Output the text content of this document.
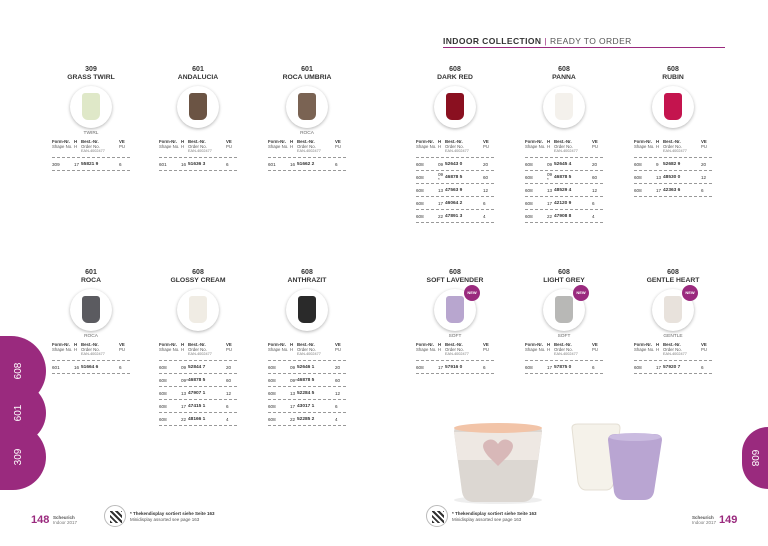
INDOOR COLLECTION | READY TO ORDER
309
GRASS TWIRL
TWIRL
Form-Nr. H Best.-Nr.	VE
Shape No. H Order No.	PU
EAN-4002477
309	17 55821 9	6
601
ANDALUCIA
Form-Nr. H Best.-Nr.	VE
Shape No. H Order No.	PU
EAN-4002477
601	16 51636 3	6
601
ROCA UMBRIA
ROCA
Form-Nr. H Best.-Nr.	VE
Shape No. H Order No.	PU
EAN-4002477
601	16 51662 2	6
608
DARK RED
Form-Nr. H Best.-Nr.	VE
Shape No. H Order No.	PU
EAN-4002477
608	09 52643 0	20
608	09 *	46878 5	60
608	13 47563 9	12
608	17 46064 2	6
608	22 47891 3	4
608
PANNA
Form-Nr. H Best.-Nr.	VE
Shape No. H Order No.	PU
EAN-4002477
608	09 52645 4	20
608	09 *	46878 5	60
608	13 48529 4	12
608	17 42120 9	6
608	22 47908 8	4
608
RUBIN
Form-Nr. H Best.-Nr.	VE
Shape No. H Order No.	PU
EAN-4002477
608	9 52682 9	20
608	13 48530 0	12
608	17 42363 6	6
601
ROCA
ROCA
Form-Nr. H Best.-Nr.	VE
Shape No. H Order No.	PU
EAN-4002477
601	16 51664 6	6
608
GLOSSY CREAM
Form-Nr. H Best.-Nr.	VE
Shape No. H Order No.	PU
EAN-4002477
608	09 52844 7	20
608	09* 46878 5	60
608	13 47907 1	12
608	17 47415 1	6
608	22 48166 1	4
608
ANTHRAZIT
Form-Nr. H Best.-Nr.	VE
Shape No. H Order No.	PU
EAN-4002477
608	09 52646 1	20
608	09* 46878 5	60
608	13 52284 5	12
608	17 43017 1	6
608	22 52285 2	4
608
SOFT LAVENDER
NEW
SOFT
Form-Nr. H Best.-Nr.	VE
Shape No. H Order No.	PU
EAN-4002477
608	17 57916 0	6
608
LIGHT GREY
NEW
SOFT
Form-Nr. H Best.-Nr.	VE
Shape No. H Order No.	PU
EAN-4002477
608	17 57875 0	6
608
GENTLE HEART
NEW
GENTLE
Form-Nr. H Best.-Nr.	VE
Shape No. H Order No.	PU
EAN-4002477
608	17 57920 7	6
608
601
309	608
148 Scheurich
Indoor 2017
* Thekendisplay sortiert siehe Seite 163
Minidisplay assorted see page 163
* Thekendisplay sortiert siehe Seite 163
Minidisplay assorted see page 163	Scheurich
Indoor 2017 149
